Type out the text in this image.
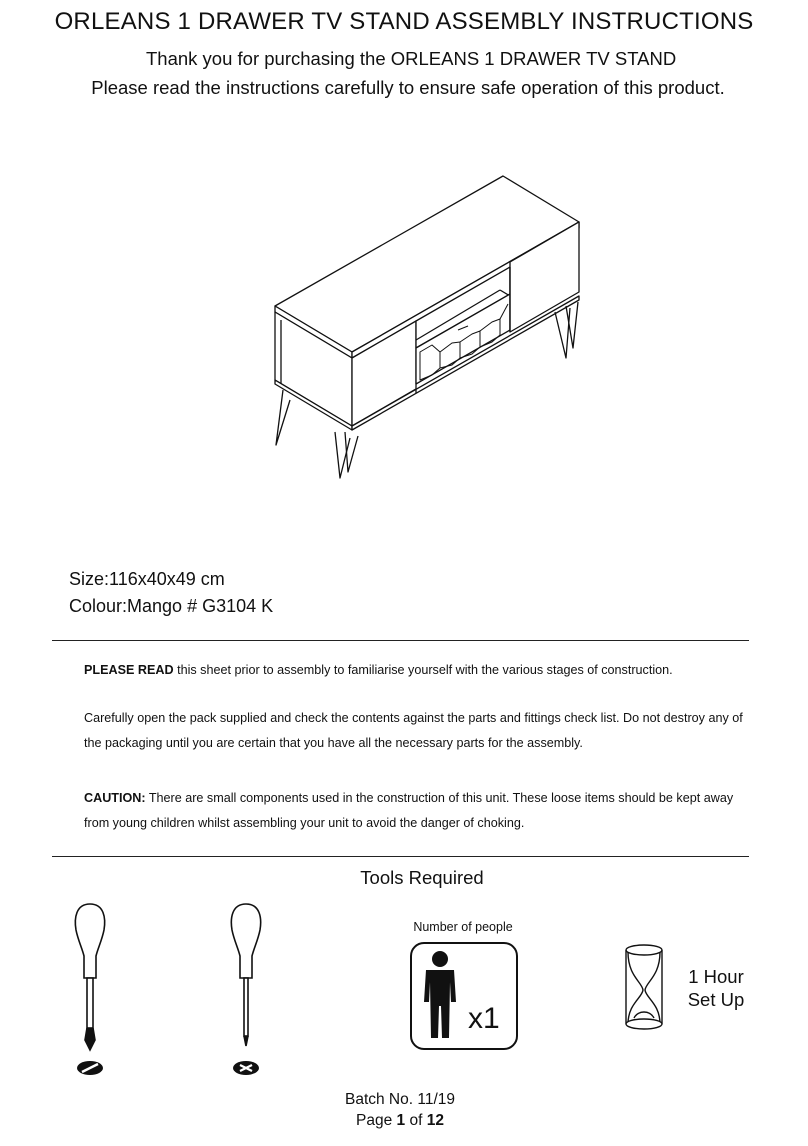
ORLEANS 1 DRAWER TV STAND ASSEMBLY INSTRUCTIONS
Thank you for purchasing the ORLEANS 1 DRAWER TV STAND
Please read the instructions carefully to ensure safe operation of this product.
Size:116x40x49 cm
Colour:Mango # G3104 K
PLEASE READ this sheet prior to assembly to familiarise yourself with the various stages of construction.
Carefully open the pack supplied and check the contents against the parts and fittings check list. Do not destroy any of the packaging until you are certain that you have all the necessary parts for the assembly.
CAUTION: There are small components used in the construction of this unit. These loose items should be kept away from young children whilst assembling your unit to avoid the danger of choking.
Tools Required
Number of people
x1
1 Hour
Set Up
Batch No. 11/19
Page 1 of 12
